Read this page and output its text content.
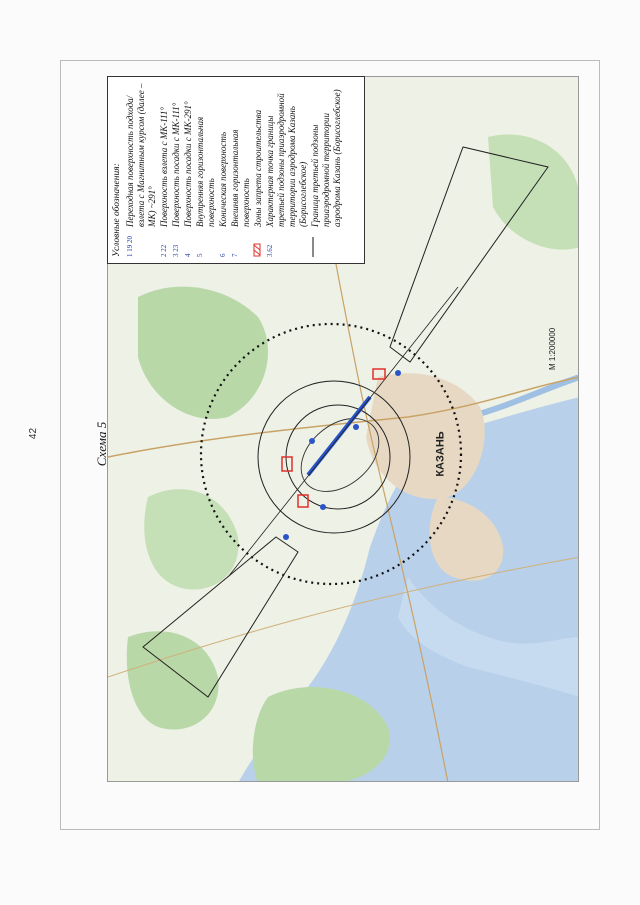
42
Условные обозначения: 1 19 20
Переходная поверхность подхода/взлета с Магнитным курсом (далее – МК) ~291°
2 22
Поверхность взлета с МК-111°
3 23
Поверхность посадки с МК-111°
4
Поверхность посадки с МК-291°
5
Внутренняя горизонтальная поверхность
6
Коническая поверхность
7
Внешняя горизонтальная поверхность Зоны запрета строительства
3.62
Характерная точка границы третьей подзоны приаэродромной территории аэродрома Казань (Борисоглебское) Граница третьей подзоны приаэродромной территории аэродрома Казань (Борисоглебское)
Схема 5	КАЗАНЬ
М 1:200000
